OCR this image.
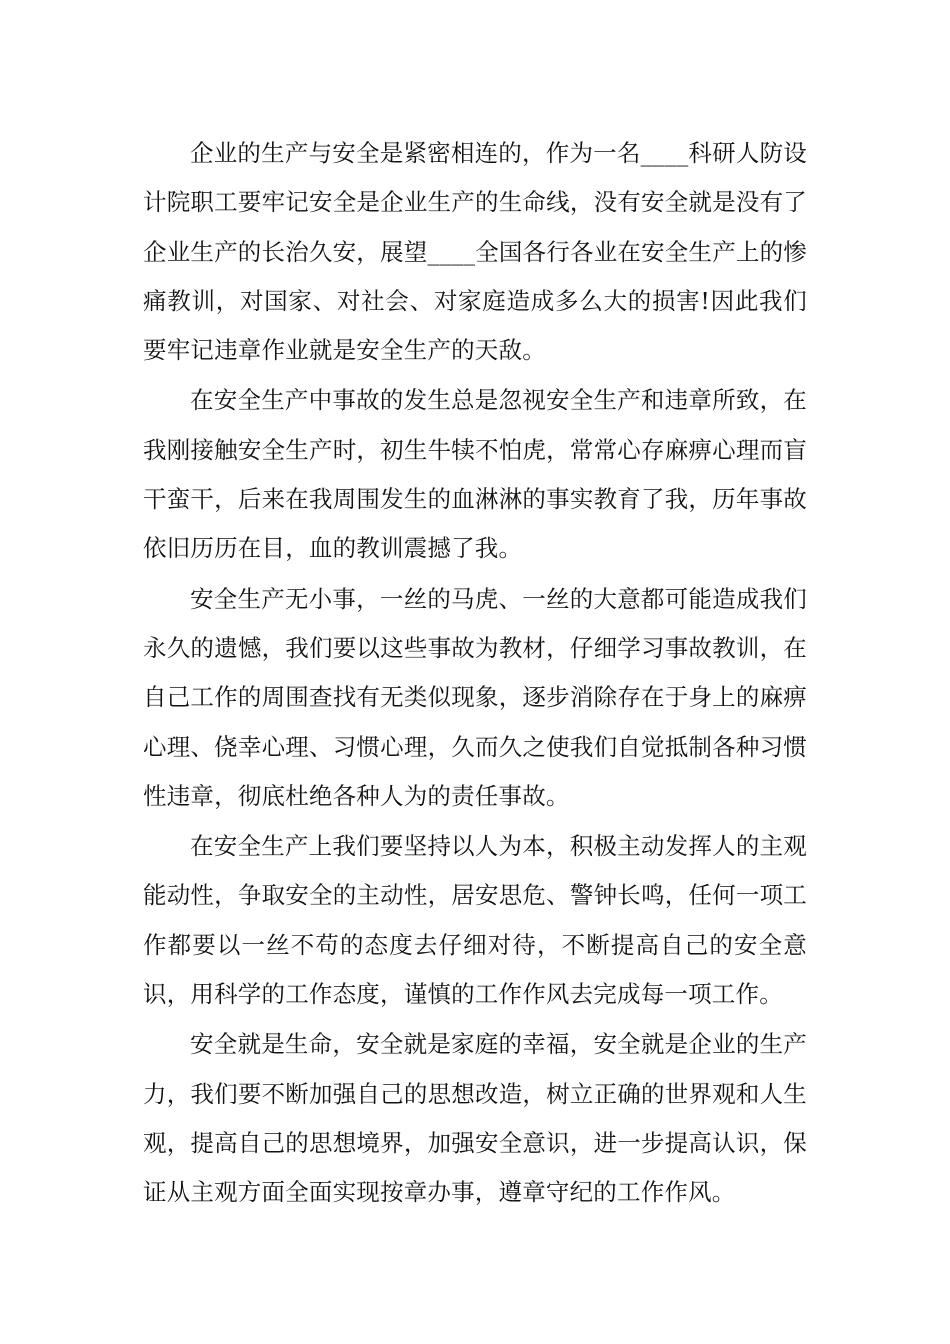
企业的生产与安全是紧密相连的，作为一名____科研人防设计院职工要牢记安全是企业生产的生命线，没有安全就是没有了企业生产的长治久安，展望____全国各行各业在安全生产上的惨痛教训，对国家、对社会、对家庭造成多么大的损害!因此我们要牢记违章作业就是安全生产的天敌。

在安全生产中事故的发生总是忽视安全生产和违章所致，在我刚接触安全生产时，初生牛犊不怕虎，常常心存麻痹心理而盲干蛮干，后来在我周围发生的血淋淋的事实教育了我，历年事故依旧历历在目，血的教训震撼了我。

安全生产无小事，一丝的马虎、一丝的大意都可能造成我们永久的遗憾，我们要以这些事故为教材，仔细学习事故教训，在自己工作的周围查找有无类似现象，逐步消除存在于身上的麻痹心理、侥幸心理、习惯心理，久而久之使我们自觉抵制各种习惯性违章，彻底杜绝各种人为的责任事故。

在安全生产上我们要坚持以人为本，积极主动发挥人的主观能动性，争取安全的主动性，居安思危、警钟长鸣，任何一项工作都要以一丝不苟的态度去仔细对待，不断提高自己的安全意识，用科学的工作态度，谨慎的工作作风去完成每一项工作。

安全就是生命，安全就是家庭的幸福，安全就是企业的生产力，我们要不断加强自己的思想改造，树立正确的世界观和人生观，提高自己的思想境界，加强安全意识，进一步提高认识，保证从主观方面全面实现按章办事，遵章守纪的工作作风。
